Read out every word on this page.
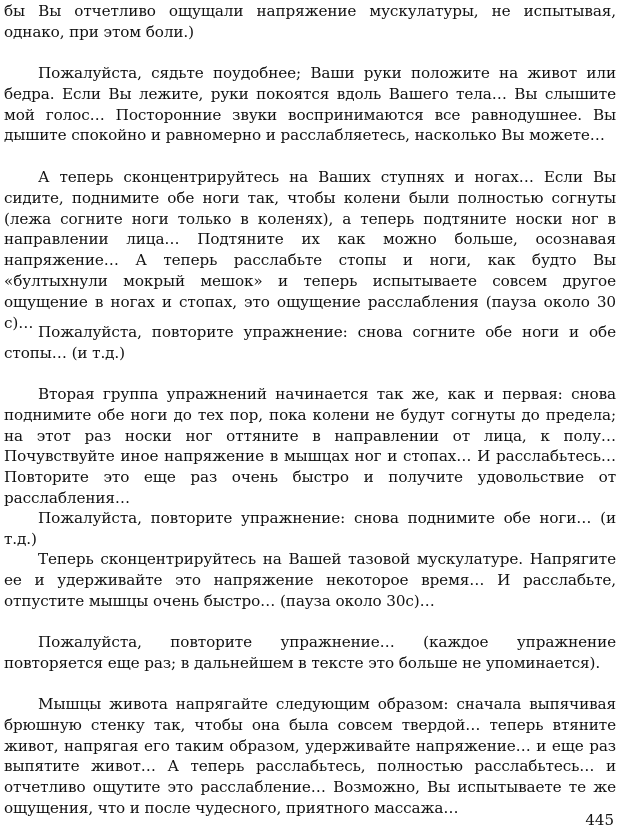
бы Вы отчетливо ощущали напряжение мускулатуры, не испытывая, однако, при этом боли.)

Пожалуйста, сядьте поудобнее; Ваши руки положите на живот или бедра. Если Вы лежите, руки покоятся вдоль Вашего тела… Вы слышите мой голос… Посторонние звуки воспринимаются все равнодушнее. Вы дышите спокойно и равномерно и расслабляетесь, насколько Вы можете…

А теперь сконцентрируйтесь на Ваших ступнях и ногах… Если Вы сидите, поднимите обе ноги так, чтобы колени были полностью согнуты (лежа согните ноги только в коленях), а теперь подтяните носки ног в направлении лица… Подтяните их как можно больше, осознавая напряжение… А теперь расслабьте стопы и ноги, как будто Вы «бултыхнули мокрый мешок» и теперь испытываете совсем другое ощущение в ногах и стопах, это ощущение расслабления (пауза около 30 с)…

Пожалуйста, повторите упражнение: снова согните обе ноги и обе стопы… (и т.д.)

Вторая группа упражнений начинается так же, как и первая: снова поднимите обе ноги до тех пор, пока колени не будут согнуты до предела; на этот раз носки ног оттяните в направлении от лица, к полу… Почувствуйте иное напряжение в мышцах ног и стопах… И расслабьтесь… Повторите это еще раз очень быстро и получите удовольствие от расслабления…

Пожалуйста, повторите упражнение: снова поднимите обе ноги… (и т.д.)

Теперь сконцентрируйтесь на Вашей тазовой мускулатуре. Напрягите ее и удерживайте это напряжение некоторое время… И расслабьте, отпустите мышцы очень быстро… (пауза около 30с)…

Пожалуйста, повторите упражнение… (каждое упражнение повторяется еще раз; в дальнейшем в тексте это больше не упоминается).

Мышцы живота напрягайте следующим образом: сначала выпячивая брюшную стенку так, чтобы она была совсем твердой… теперь втяните живот, напрягая его таким образом, удерживайте напряжение… и еще раз выпятите живот… А теперь расслабьтесь, полностью расслабьтесь… и отчетливо ощутите это расслабление… Возможно, Вы испытываете те же ощущения, что и после чудесного, приятного массажа…

445
